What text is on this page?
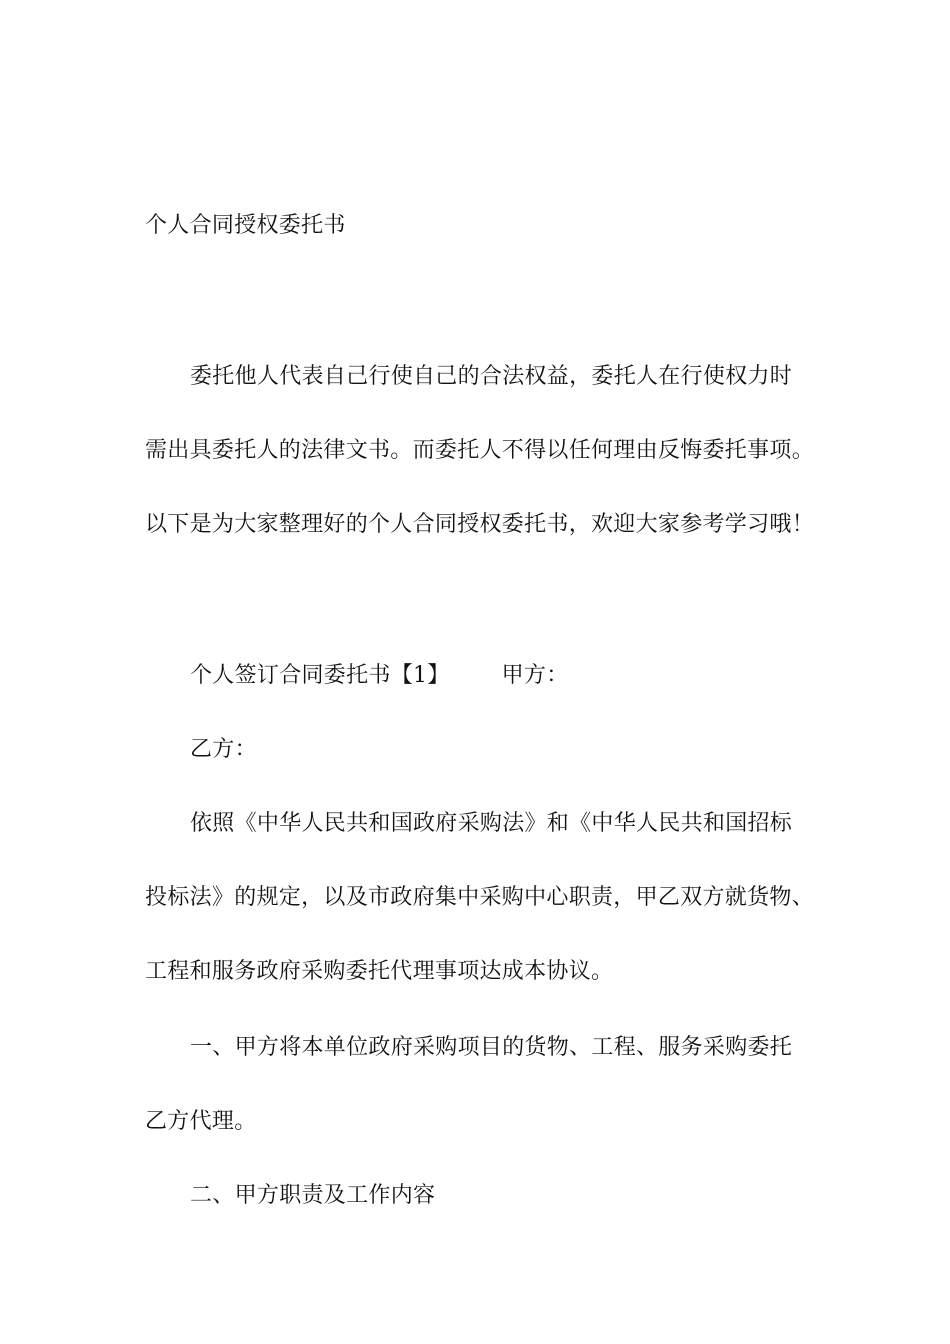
个人合同授权委托书
委托他人代表自己行使自己的合法权益，委托人在行使权力时
需出具委托人的法律文书。而委托人不得以任何理由反悔委托事项。
以下是为大家整理好的个人合同授权委托书，欢迎大家参考学习哦！
个人签订合同委托书【1】 甲方：
乙方：
依照《中华人民共和国政府采购法》和《中华人民共和国招标
投标法》的规定，以及市政府集中采购中心职责，甲乙双方就货物、
工程和服务政府采购委托代理事项达成本协议。
一、甲方将本单位政府采购项目的货物、工程、服务采购委托
乙方代理。
二、甲方职责及工作内容
